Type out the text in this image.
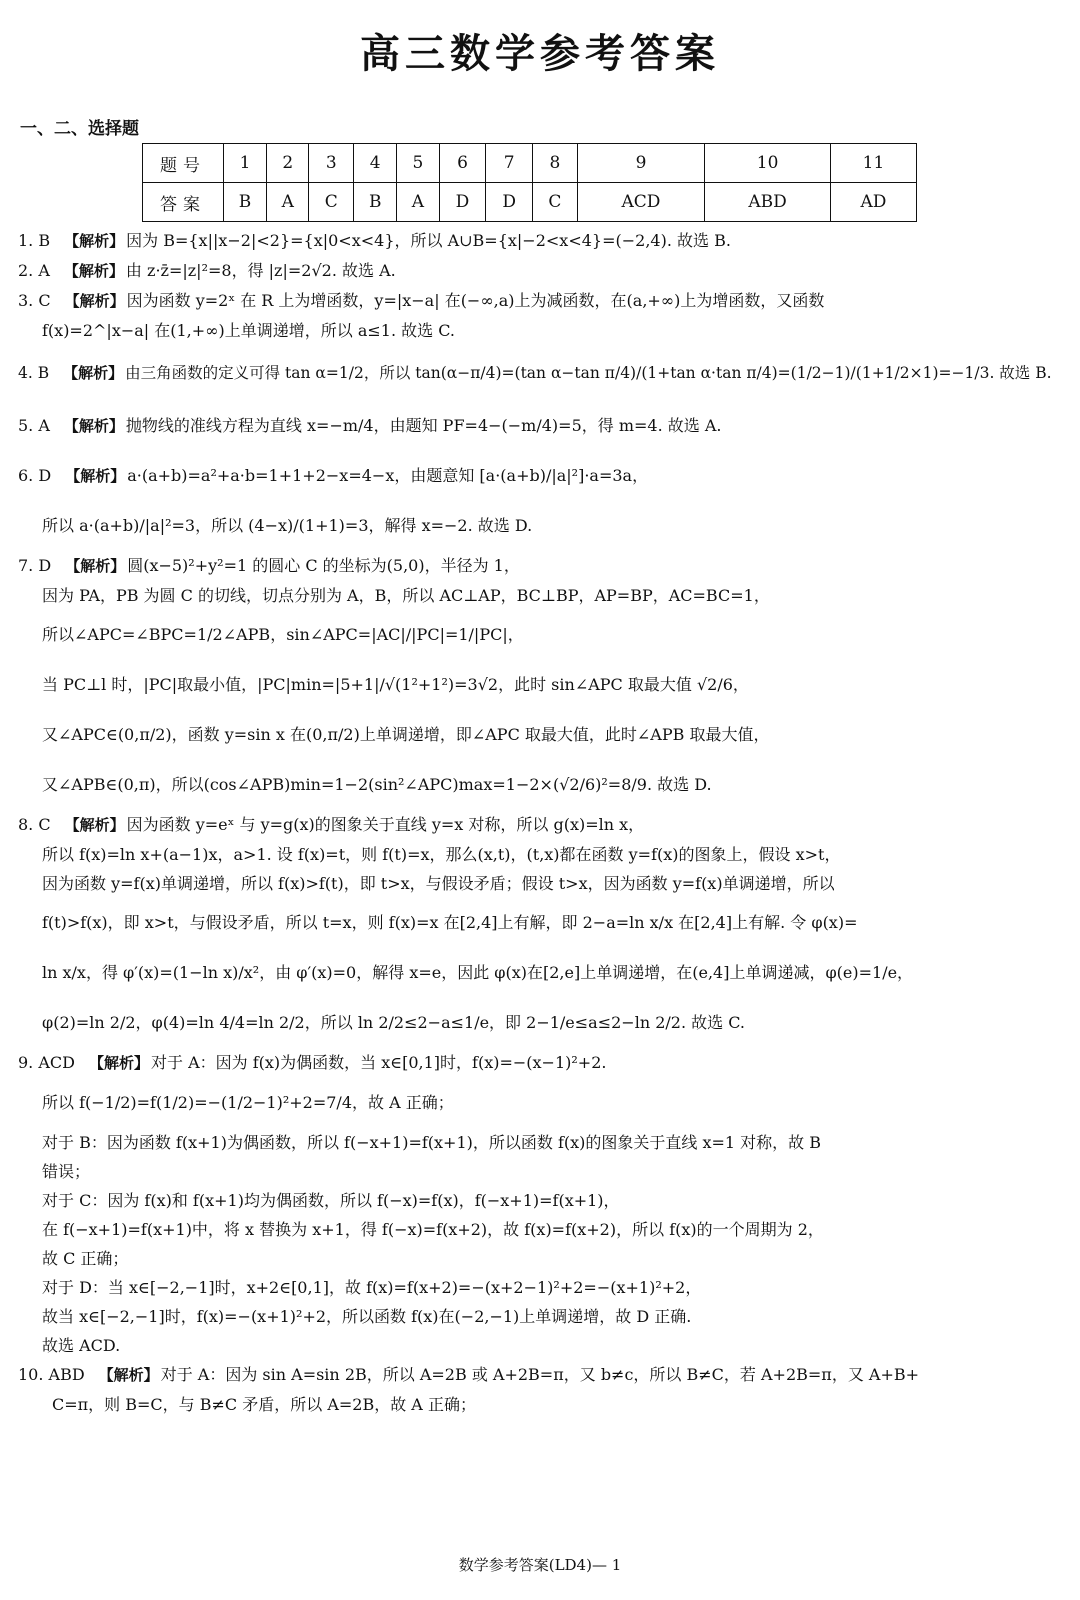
高三数学参考答案
一、二、选择题
题号	1	2	3	4	5	6	7	8	9	10	11
答案	B	A	C	B	A	D	D	C	ACD	ABD	AD
1. B 【解析】 因为 B={x||x−2|<2}={x|0<x<4}，所以 A∪B={x|−2<x<4}=(−2,4). 故选 B.
2. A 【解析】 由 z·z̄=|z|²=8，得 |z|=2√2. 故选 A.
3. C 【解析】 因为函数 y=2ˣ 在 R 上为增函数，y=|x−a| 在(−∞,a)上为减函数，在(a,+∞)上为增函数，又函数
f(x)=2^|x−a| 在(1,+∞)上单调递增，所以 a≤1. 故选 C.
4. B 【解析】 由三角函数的定义可得 tan α=1/2，所以 tan(α−π/4)=(tan α−tan π/4)/(1+tan α·tan π/4)=(1/2−1)/(1+1/2×1)=−1/3. 故选 B.
5. A 【解析】 抛物线的准线方程为直线 x=−m/4，由题知 PF=4−(−m/4)=5，得 m=4. 故选 A.
6. D 【解析】 a·(a+b)=a²+a·b=1+1+2−x=4−x，由题意知 [a·(a+b)/|a|²]·a=3a，
所以 a·(a+b)/|a|²=3，所以 (4−x)/(1+1)=3，解得 x=−2. 故选 D.
7. D 【解析】 圆(x−5)²+y²=1 的圆心 C 的坐标为(5,0)，半径为 1，
因为 PA，PB 为圆 C 的切线，切点分别为 A，B，所以 AC⊥AP，BC⊥BP，AP=BP，AC=BC=1，
所以∠APC=∠BPC=1/2∠APB，sin∠APC=|AC|/|PC|=1/|PC|，
当 PC⊥l 时，|PC|取最小值，|PC|min=|5+1|/√(1²+1²)=3√2，此时 sin∠APC 取最大值 √2/6，
又∠APC∈(0,π/2)，函数 y=sin x 在(0,π/2)上单调递增，即∠APC 取最大值，此时∠APB 取最大值，
又∠APB∈(0,π)，所以(cos∠APB)min=1−2(sin²∠APC)max=1−2×(√2/6)²=8/9. 故选 D.
8. C 【解析】 因为函数 y=eˣ 与 y=g(x)的图象关于直线 y=x 对称，所以 g(x)=ln x，
所以 f(x)=ln x+(a−1)x，a>1. 设 f(x)=t，则 f(t)=x，那么(x,t)，(t,x)都在函数 y=f(x)的图象上，假设 x>t，
因为函数 y=f(x)单调递增，所以 f(x)>f(t)，即 t>x，与假设矛盾；假设 t>x，因为函数 y=f(x)单调递增，所以
f(t)>f(x)，即 x>t，与假设矛盾，所以 t=x，则 f(x)=x 在[2,4]上有解，即 2−a=ln x/x 在[2,4]上有解. 令 φ(x)=
ln x/x，得 φ′(x)=(1−ln x)/x²，由 φ′(x)=0，解得 x=e，因此 φ(x)在[2,e]上单调递增，在(e,4]上单调递减，φ(e)=1/e，
φ(2)=ln 2/2，φ(4)=ln 4/4=ln 2/2，所以 ln 2/2≤2−a≤1/e，即 2−1/e≤a≤2−ln 2/2. 故选 C.
9. ACD 【解析】 对于 A：因为 f(x)为偶函数，当 x∈[0,1]时，f(x)=−(x−1)²+2.
所以 f(−1/2)=f(1/2)=−(1/2−1)²+2=7/4，故 A 正确；
对于 B：因为函数 f(x+1)为偶函数，所以 f(−x+1)=f(x+1)，所以函数 f(x)的图象关于直线 x=1 对称，故 B
错误；
对于 C：因为 f(x)和 f(x+1)均为偶函数，所以 f(−x)=f(x)，f(−x+1)=f(x+1)，
在 f(−x+1)=f(x+1)中，将 x 替换为 x+1，得 f(−x)=f(x+2)，故 f(x)=f(x+2)，所以 f(x)的一个周期为 2，
故 C 正确；
对于 D：当 x∈[−2,−1]时，x+2∈[0,1]，故 f(x)=f(x+2)=−(x+2−1)²+2=−(x+1)²+2，
故当 x∈[−2,−1]时，f(x)=−(x+1)²+2，所以函数 f(x)在(−2,−1)上单调递增，故 D 正确.
故选 ACD.
10. ABD 【解析】 对于 A：因为 sin A=sin 2B，所以 A=2B 或 A+2B=π，又 b≠c，所以 B≠C，若 A+2B=π，又 A+B+
C=π，则 B=C，与 B≠C 矛盾，所以 A=2B，故 A 正确；
数学参考答案(LD4)— 1
